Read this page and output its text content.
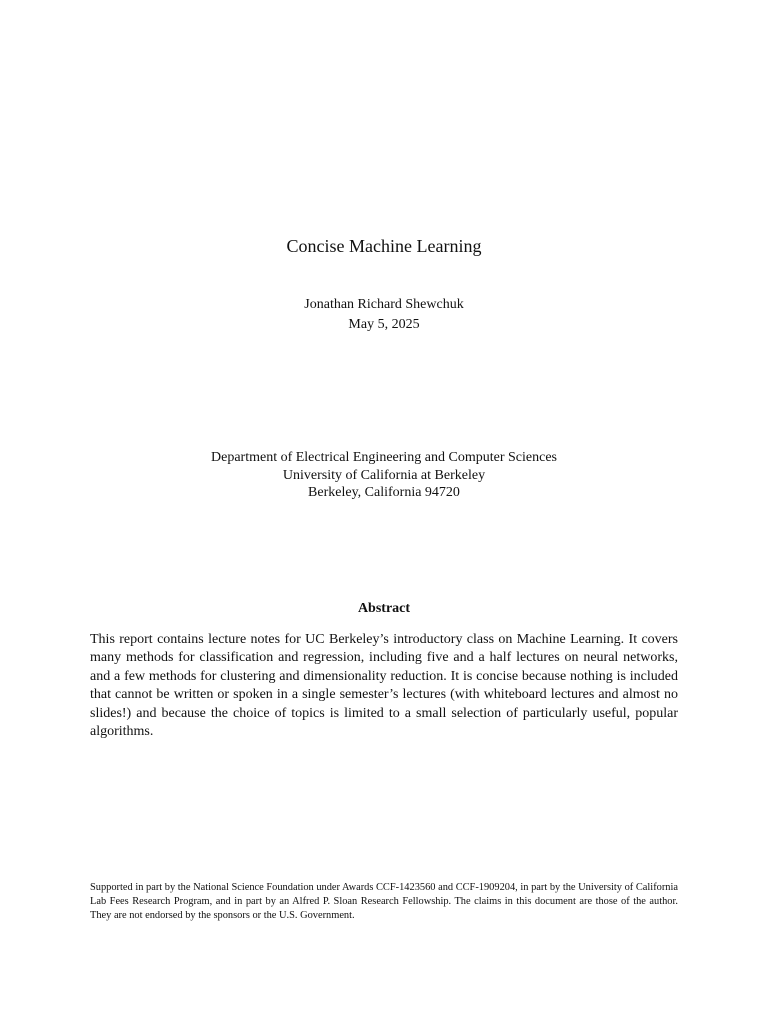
Concise Machine Learning
Jonathan Richard Shewchuk
May 5, 2025
Department of Electrical Engineering and Computer Sciences
University of California at Berkeley
Berkeley, California 94720
Abstract

This report contains lecture notes for UC Berkeley’s introductory class on Machine Learning. It covers many methods for classification and regression, including five and a half lectures on neural networks, and a few methods for clustering and dimensionality reduction. It is concise because nothing is included that cannot be written or spoken in a single semester’s lectures (with whiteboard lectures and almost no slides!) and because the choice of topics is limited to a small selection of particularly useful, popular algorithms.

Supported in part by the National Science Foundation under Awards CCF-1423560 and CCF-1909204, in part by the University of California Lab Fees Research Program, and in part by an Alfred P. Sloan Research Fellowship. The claims in this document are those of the author. They are not endorsed by the sponsors or the U.S. Government.
